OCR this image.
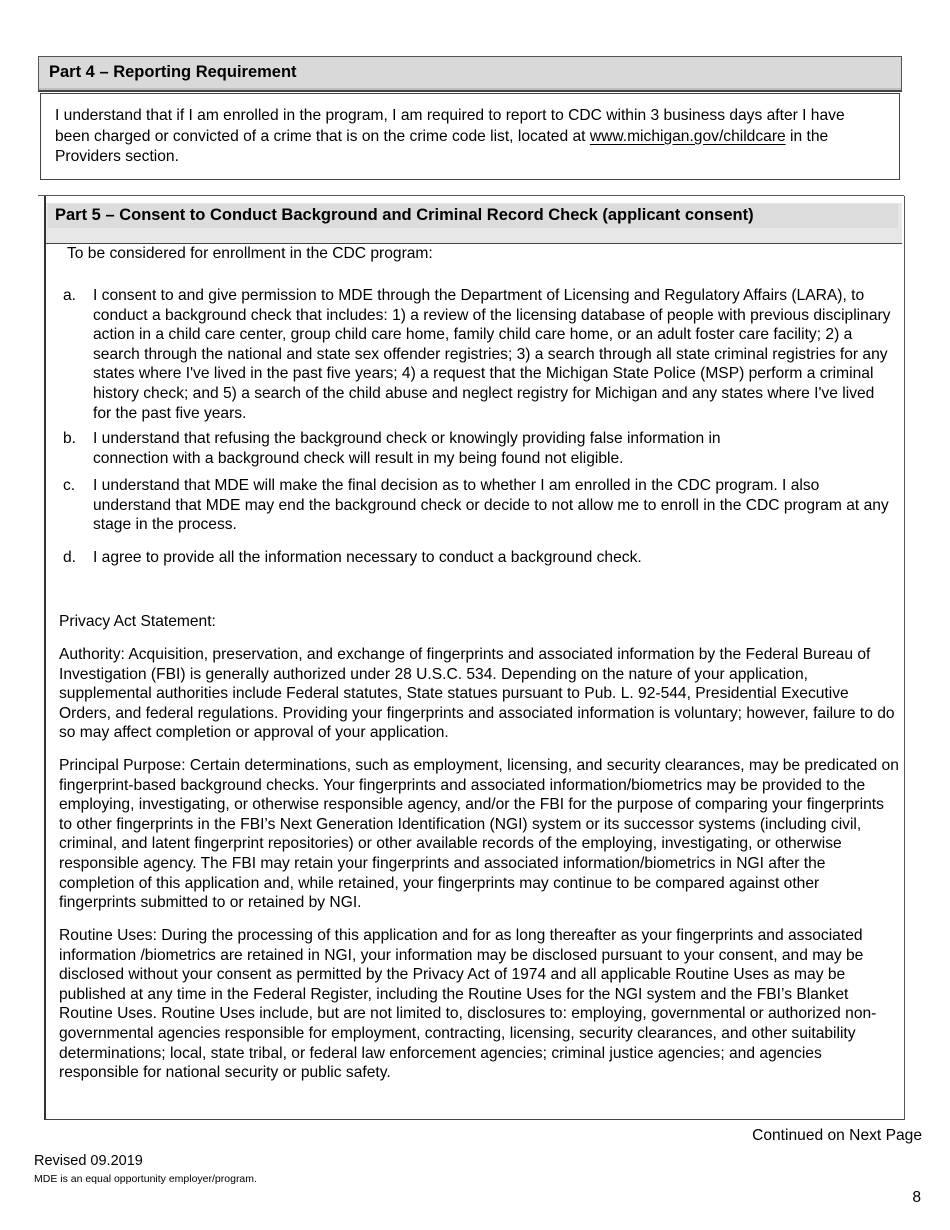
Part 4 – Reporting Requirement
I understand that if I am enrolled in the program, I am required to report to CDC within 3 business days after I have been charged or convicted of a crime that is on the crime code list, located at www.michigan.gov/childcare in the Providers section.
Part 5 – Consent to Conduct Background and Criminal Record Check (applicant consent)
To be considered for enrollment in the CDC program:
a.	I consent to and give permission to MDE through the Department of Licensing and Regulatory Affairs (LARA), to conduct a background check that includes: 1) a review of the licensing database of people with previous disciplinary action in a child care center, group child care home, family child care home, or an adult foster care facility; 2) a search through the national and state sex offender registries; 3) a search through all state criminal registries for any states where I've lived in the past five years; 4) a request that the Michigan State Police (MSP) perform a criminal history check; and 5) a search of the child abuse and neglect registry for Michigan and any states where I've lived for the past five years.
b.	I understand that refusing the background check or knowingly providing false information in connection with a background check will result in my being found not eligible.
c.	I understand that MDE will make the final decision as to whether I am enrolled in the CDC program. I also understand that MDE may end the background check or decide to not allow me to enroll in the CDC program at any stage in the process.
d.	I agree to provide all the information necessary to conduct a background check.
Privacy Act Statement:
Authority: Acquisition, preservation, and exchange of fingerprints and associated information by the Federal Bureau of Investigation (FBI) is generally authorized under 28 U.S.C. 534. Depending on the nature of your application, supplemental authorities include Federal statutes, State statues pursuant to Pub. L. 92-544, Presidential Executive Orders, and federal regulations. Providing your fingerprints and associated information is voluntary; however, failure to do so may affect completion or approval of your application.
Principal Purpose: Certain determinations, such as employment, licensing, and security clearances, may be predicated on fingerprint-based background checks. Your fingerprints and associated information/biometrics may be provided to the employing, investigating, or otherwise responsible agency, and/or the FBI for the purpose of comparing your fingerprints to other fingerprints in the FBI’s Next Generation Identification (NGI) system or its successor systems (including civil, criminal, and latent fingerprint repositories) or other available records of the employing, investigating, or otherwise responsible agency. The FBI may retain your fingerprints and associated information/biometrics in NGI after the completion of this application and, while retained, your fingerprints may continue to be compared against other fingerprints submitted to or retained by NGI.
Routine Uses: During the processing of this application and for as long thereafter as your fingerprints and associated information /biometrics are retained in NGI, your information may be disclosed pursuant to your consent, and may be disclosed without your consent as permitted by the Privacy Act of 1974 and all applicable Routine Uses as may be published at any time in the Federal Register, including the Routine Uses for the NGI system and the FBI’s Blanket Routine Uses. Routine Uses include, but are not limited to, disclosures to: employing, governmental or authorized non-governmental agencies responsible for employment, contracting, licensing, security clearances, and other suitability determinations; local, state tribal, or federal law enforcement agencies; criminal justice agencies; and agencies responsible for national security or public safety.
Continued on Next Page
Revised 09.2019
MDE is an equal opportunity employer/program.
8
